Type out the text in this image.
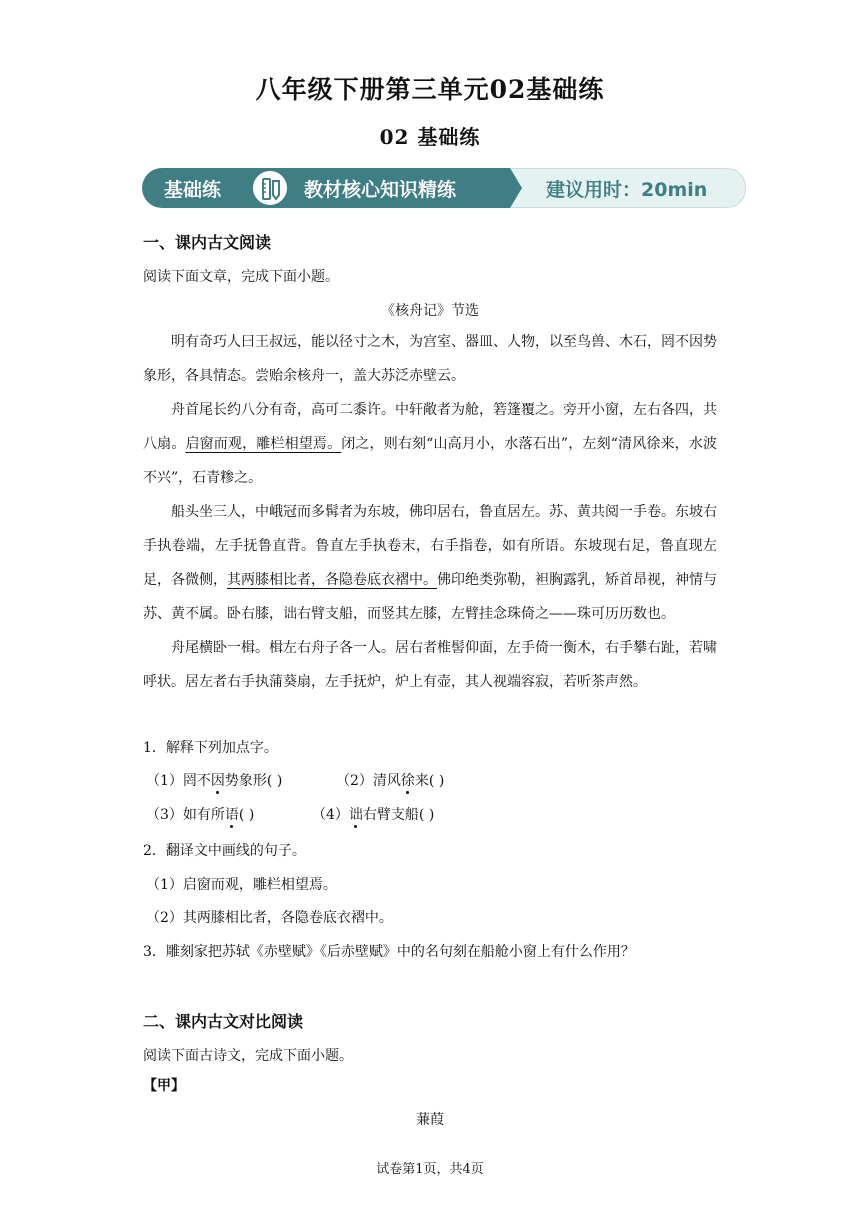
八年级下册第三单元02基础练
02 基础练
基础练	教材核心知识精练	建议用时：20min
一、课内古文阅读
阅读下面文章，完成下面小题。
《核舟记》节选

明有奇巧人曰王叔远，能以径寸之木，为宫室、器皿、人物，以至鸟兽、木石，罔不因势象形，各具情态。尝贻余核舟一，盖大苏泛赤壁云。

舟首尾长约八分有奇，高可二黍许。中轩敞者为舱，箬篷覆之。旁开小窗，左右各四，共八扇。启窗而观，雕栏相望焉。闭之，则右刻“山高月小，水落石出”，左刻“清风徐来，水波不兴”，石青糁之。

船头坐三人，中峨冠而多髯者为东坡，佛印居右，鲁直居左。苏、黄共阅一手卷。东坡右手执卷端，左手抚鲁直背。鲁直左手执卷末，右手指卷，如有所语。东坡现右足，鲁直现左足，各微侧，其两膝相比者，各隐卷底衣褶中。佛印绝类弥勒，袒胸露乳，矫首昂视，神情与苏、黄不属。卧右膝，诎右臂支船，而竖其左膝，左臂挂念珠倚之——珠可历历数也。

舟尾横卧一楫。楫左右舟子各一人。居右者椎髻仰面，左手倚一衡木，右手攀右趾，若啸呼状。居左者右手执蒲葵扇，左手抚炉，炉上有壶，其人视端容寂，若听茶声然。

1．解释下列加点字。
（1）罔不因势象形( )	（2）清风徐来( )
（3）如有所语( )	（4）诎右臂支船( )
2．翻译文中画线的句子。
（1）启窗而观，雕栏相望焉。
（2）其两膝相比者，各隐卷底衣褶中。
3．雕刻家把苏轼《赤壁赋》《后赤壁赋》中的名句刻在船舱小窗上有什么作用？
二、课内古文对比阅读
阅读下面古诗文，完成下面小题。
【甲】
蒹葭
试卷第1页，共4页
